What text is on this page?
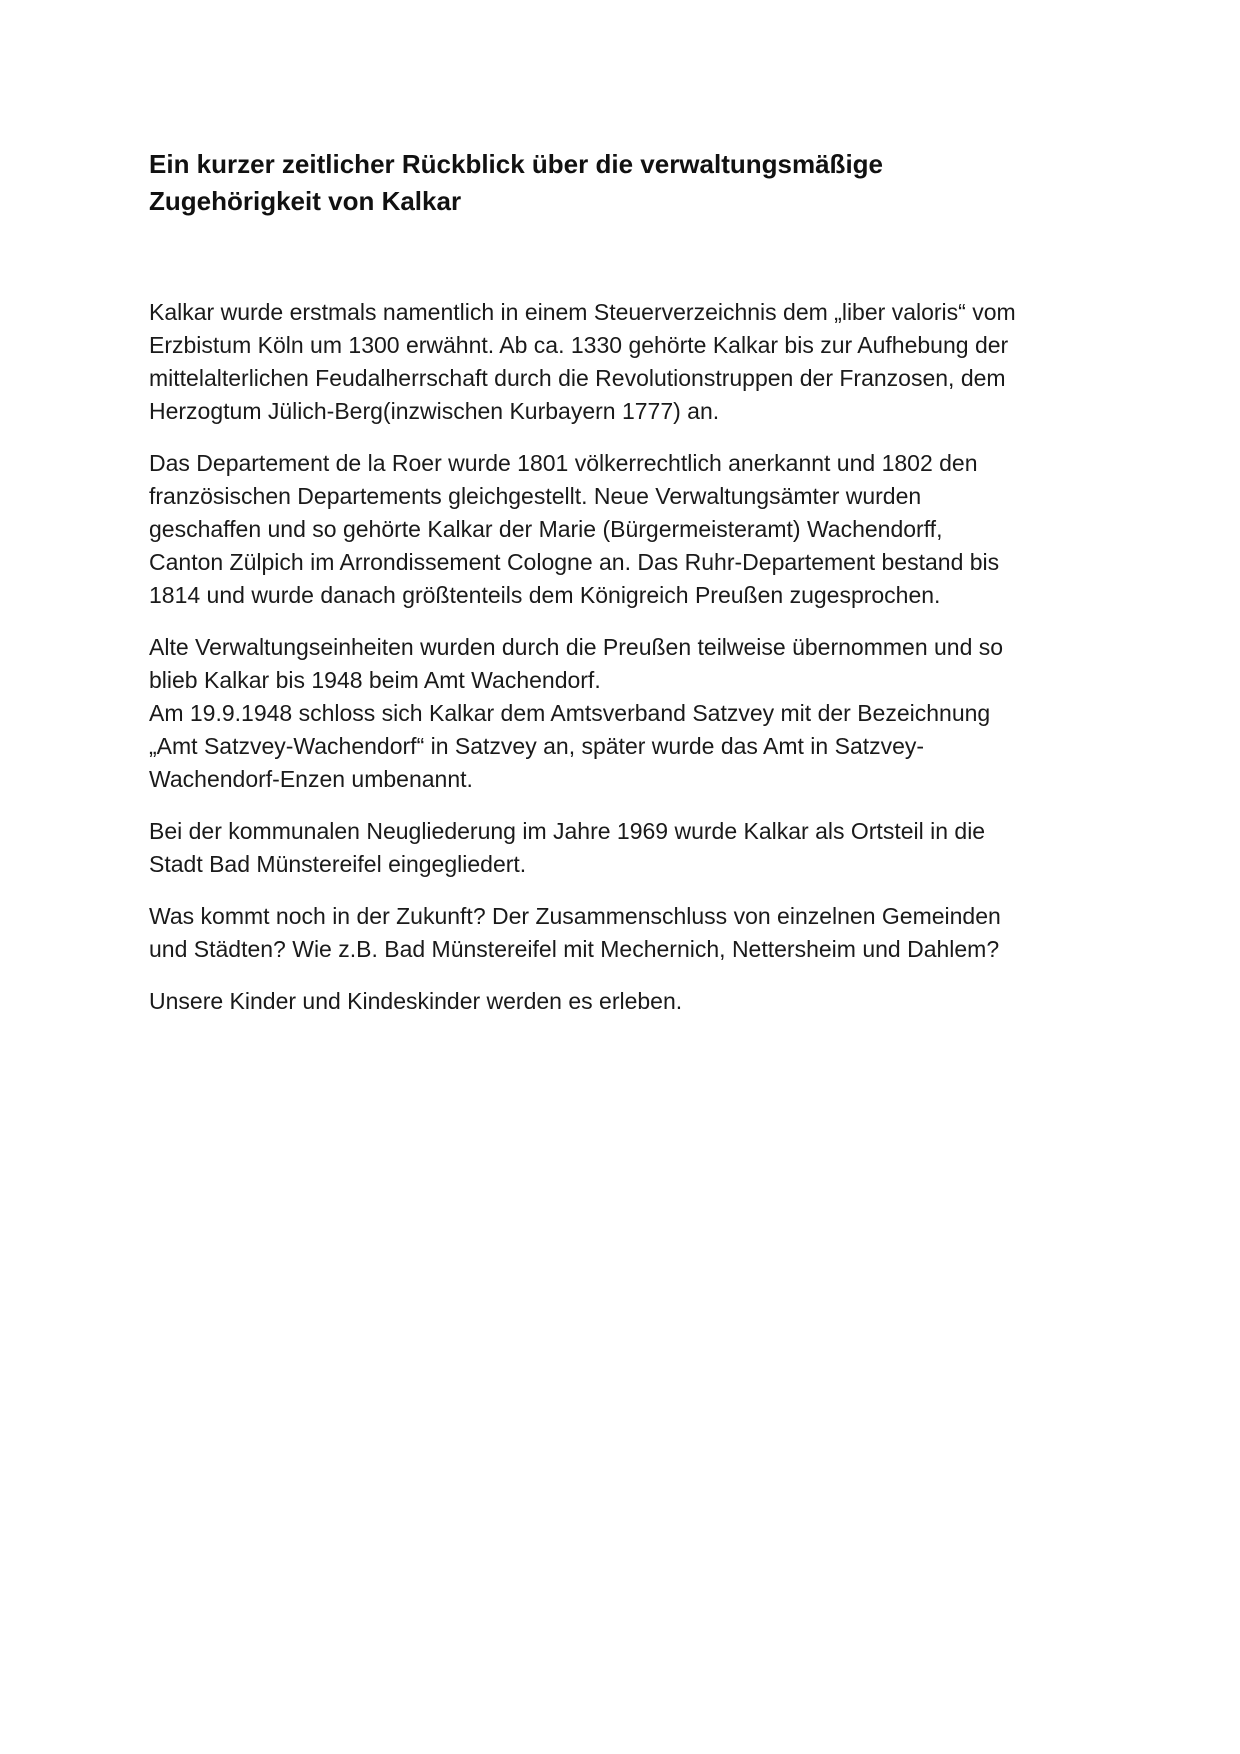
Ein kurzer zeitlicher Rückblick über die verwaltungsmäßige
Zugehörigkeit von Kalkar

Kalkar wurde erstmals namentlich in einem Steuerverzeichnis dem „liber valoris“ vom
Erzbistum Köln um 1300 erwähnt. Ab ca. 1330 gehörte Kalkar bis zur Aufhebung der
mittelalterlichen Feudalherrschaft durch die Revolutionstruppen der Franzosen, dem
Herzogtum Jülich-Berg(inzwischen Kurbayern 1777) an.

Das Departement de la Roer wurde 1801 völkerrechtlich anerkannt und 1802 den
französischen Departements gleichgestellt. Neue Verwaltungsämter wurden
geschaffen und so gehörte Kalkar der Marie (Bürgermeisteramt) Wachendorff,
Canton Zülpich im Arrondissement Cologne an. Das Ruhr-Departement bestand bis
1814 und wurde danach größtenteils dem Königreich Preußen zugesprochen.

Alte Verwaltungseinheiten wurden durch die Preußen teilweise übernommen und so
blieb Kalkar bis 1948 beim Amt Wachendorf.
Am 19.9.1948 schloss sich Kalkar dem Amtsverband Satzvey mit der Bezeichnung
„Amt Satzvey-Wachendorf“ in Satzvey an, später wurde das Amt in Satzvey-
Wachendorf-Enzen umbenannt.

Bei der kommunalen Neugliederung im Jahre 1969 wurde Kalkar als Ortsteil in die
Stadt Bad Münstereifel eingegliedert.

Was kommt noch in der Zukunft? Der Zusammenschluss von einzelnen Gemeinden
und Städten? Wie z.B. Bad Münstereifel mit Mechernich, Nettersheim und Dahlem?

Unsere Kinder und Kindeskinder werden es erleben.
